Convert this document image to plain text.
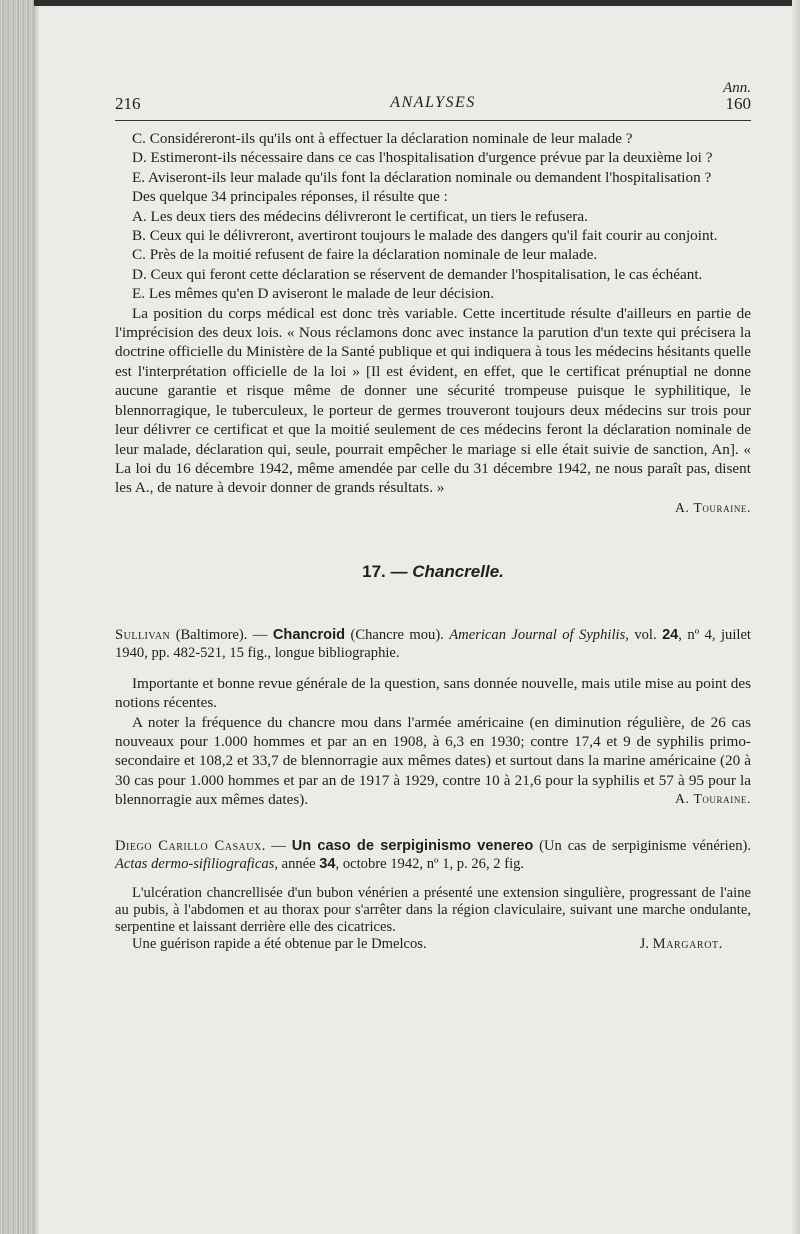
Ann.
216	ANALYSES	160

C. Considéreront-ils qu'ils ont à effectuer la déclaration nominale de leur malade ?

D. Estimeront-ils nécessaire dans ce cas l'hospitalisation d'urgence prévue par la deuxième loi ?

E. Aviseront-ils leur malade qu'ils font la déclaration nominale ou demandent l'hospitalisation ?

Des quelque 34 principales réponses, il résulte que :

A. Les deux tiers des médecins délivreront le certificat, un tiers le refusera.

B. Ceux qui le délivreront, avertiront toujours le malade des dangers qu'il fait courir au conjoint.

C. Près de la moitié refusent de faire la déclaration nominale de leur malade.

D. Ceux qui feront cette déclaration se réservent de demander l'hospitalisation, le cas échéant.

E. Les mêmes qu'en D aviseront le malade de leur décision.

La position du corps médical est donc très variable. Cette incertitude résulte d'ailleurs en partie de l'imprécision des deux lois. « Nous réclamons donc avec instance la parution d'un texte qui précisera la doctrine officielle du Ministère de la Santé publique et qui indiquera à tous les médecins hésitants quelle est l'interprétation officielle de la loi » [Il est évident, en effet, que le certificat prénuptial ne donne aucune garantie et risque même de donner une sécurité trompeuse puisque le syphilitique, le blennorragique, le tuberculeux, le porteur de germes trouveront toujours deux médecins sur trois pour leur délivrer ce certificat et que la moitié seulement de ces médecins feront la déclaration nominale de leur malade, déclaration qui, seule, pourrait empêcher le mariage si elle était suivie de sanction, An]. « La loi du 16 décembre 1942, même amendée par celle du 31 décembre 1942, ne nous paraît pas, disent les A., de nature à devoir donner de grands résultats. »

A. Touraine.
17. — Chancrelle.

Sullivan (Baltimore). — Chancroid (Chancre mou). American Journal of Syphilis, vol. 24, nº 4, juilet 1940, pp. 482-521, 15 fig., longue bibliographie.

Importante et bonne revue générale de la question, sans donnée nouvelle, mais utile mise au point des notions récentes.

A noter la fréquence du chancre mou dans l'armée américaine (en diminution régulière, de 26 cas nouveaux pour 1.000 hommes et par an en 1908, à 6,3 en 1930; contre 17,4 et 9 de syphilis primo-secondaire et 108,2 et 33,7 de blennorragie aux mêmes dates) et surtout dans la marine américaine (20 à 30 cas pour 1.000 hommes et par an de 1917 à 1929, contre 10 à 21,6 pour la syphilis et 57 à 95 pour la blennorragie aux mêmes dates).	A. Touraine.

Diego Carillo Casaux. — Un caso de serpiginismo venereo (Un cas de serpiginisme vénérien). Actas dermo-sifiliograficas, année 34, octobre 1942, nº 1, p. 26, 2 fig.

L'ulcération chancrellisée d'un bubon vénérien a présenté une extension singulière, progressant de l'aine au pubis, à l'abdomen et au thorax pour s'arrêter dans la région claviculaire, suivant une marche ondulante, serpentine et laissant derrière elle des cicatrices.

Une guérison rapide a été obtenue par le Dmelcos.	J. Margarot.
